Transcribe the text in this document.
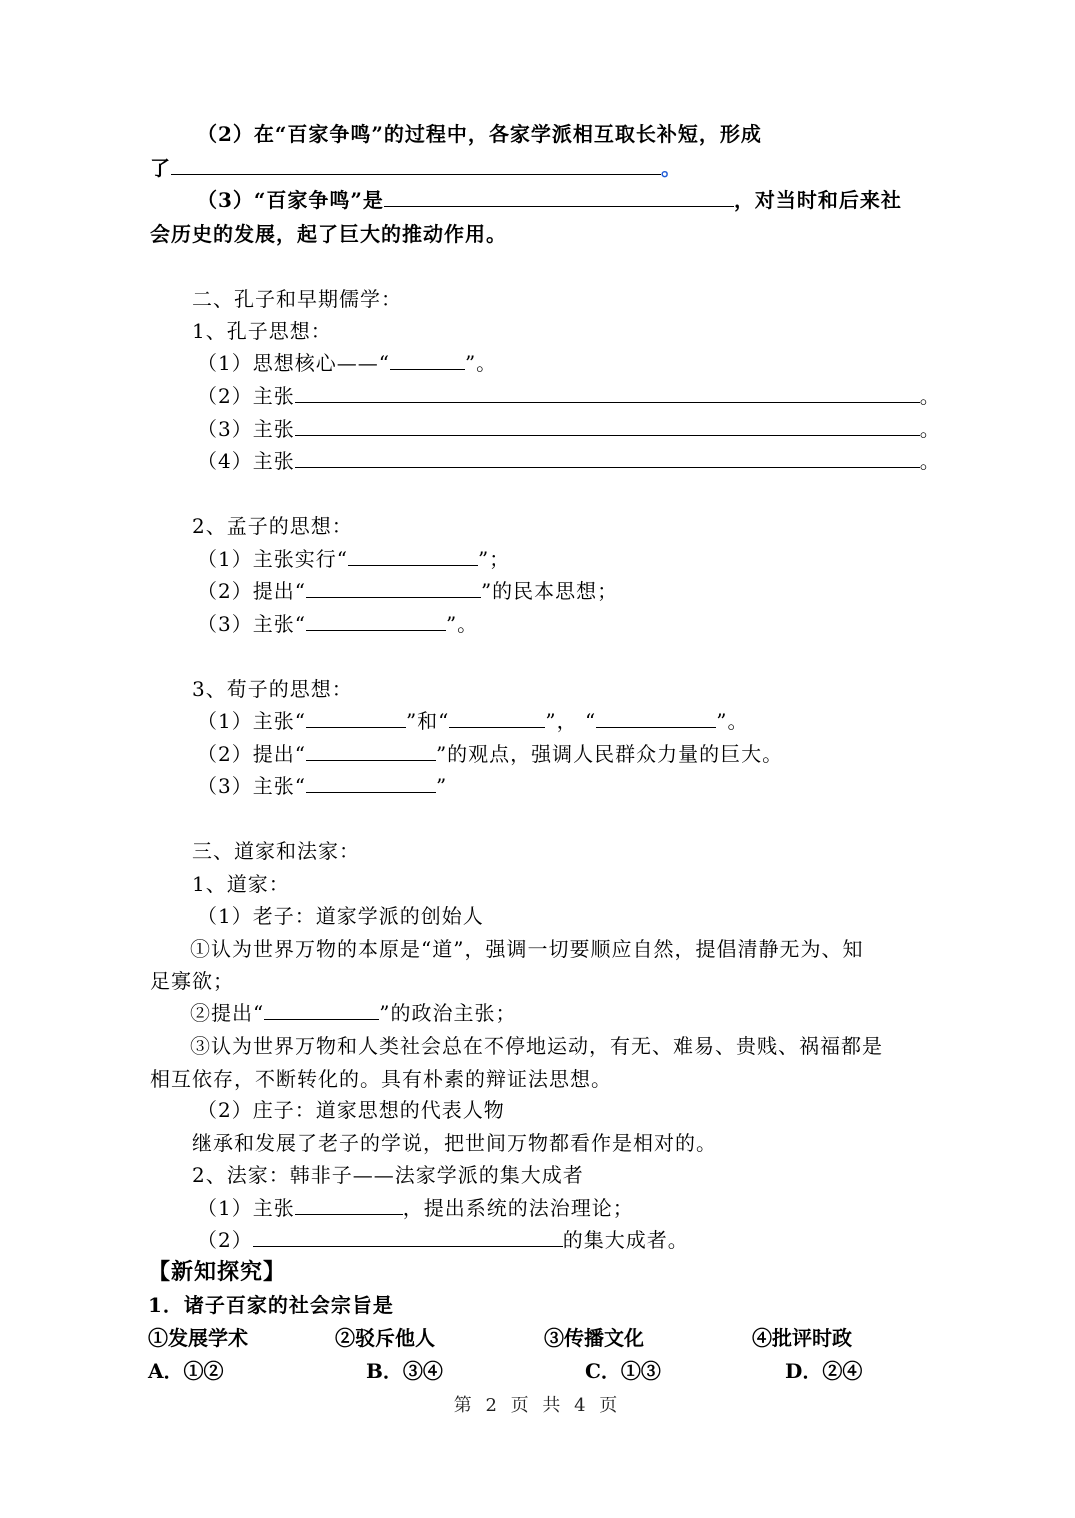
（2）在“百家争鸣”的过程中，各家学派相互取长补短，形成
了	。
（3）“百家争鸣”是	，对当时和后来社
会历史的发展，起了巨大的推动作用。
二、孔子和早期儒学：
1、孔子思想：
（1）思想核心——“	”。
（2）主张	。
（3）主张	。
（4）主张	。
2、孟子的思想：
（1）主张实行“	”；
（2）提出“	”的民本思想；
（3）主张“	”。
3、荀子的思想：
（1）主张“	”和“	”， “	”。
（2）提出“	”的观点，强调人民群众力量的巨大。
（3）主张“	”
三、道家和法家：
1、道家：
（1）老子：道家学派的创始人
①认为世界万物的本原是“道”，强调一切要顺应自然，提倡清静无为、知
足寡欲；
②提出“	”的政治主张；
③认为世界万物和人类社会总在不停地运动，有无、难易、贵贱、祸福都是
相互依存，不断转化的。具有朴素的辩证法思想。
（2）庄子：道家思想的代表人物
继承和发展了老子的学说，把世间万物都看作是相对的。
2、法家：韩非子——法家学派的集大成者
（1）主张	，提出系统的法治理论；
（2）	的集大成者。
【新知探究】
1．诸子百家的社会宗旨是
①发展学术	②驳斥他人	③传播文化	④批评时政
A．①②	B．③④	C．①③	D．②④
第 2 页 共 4 页
